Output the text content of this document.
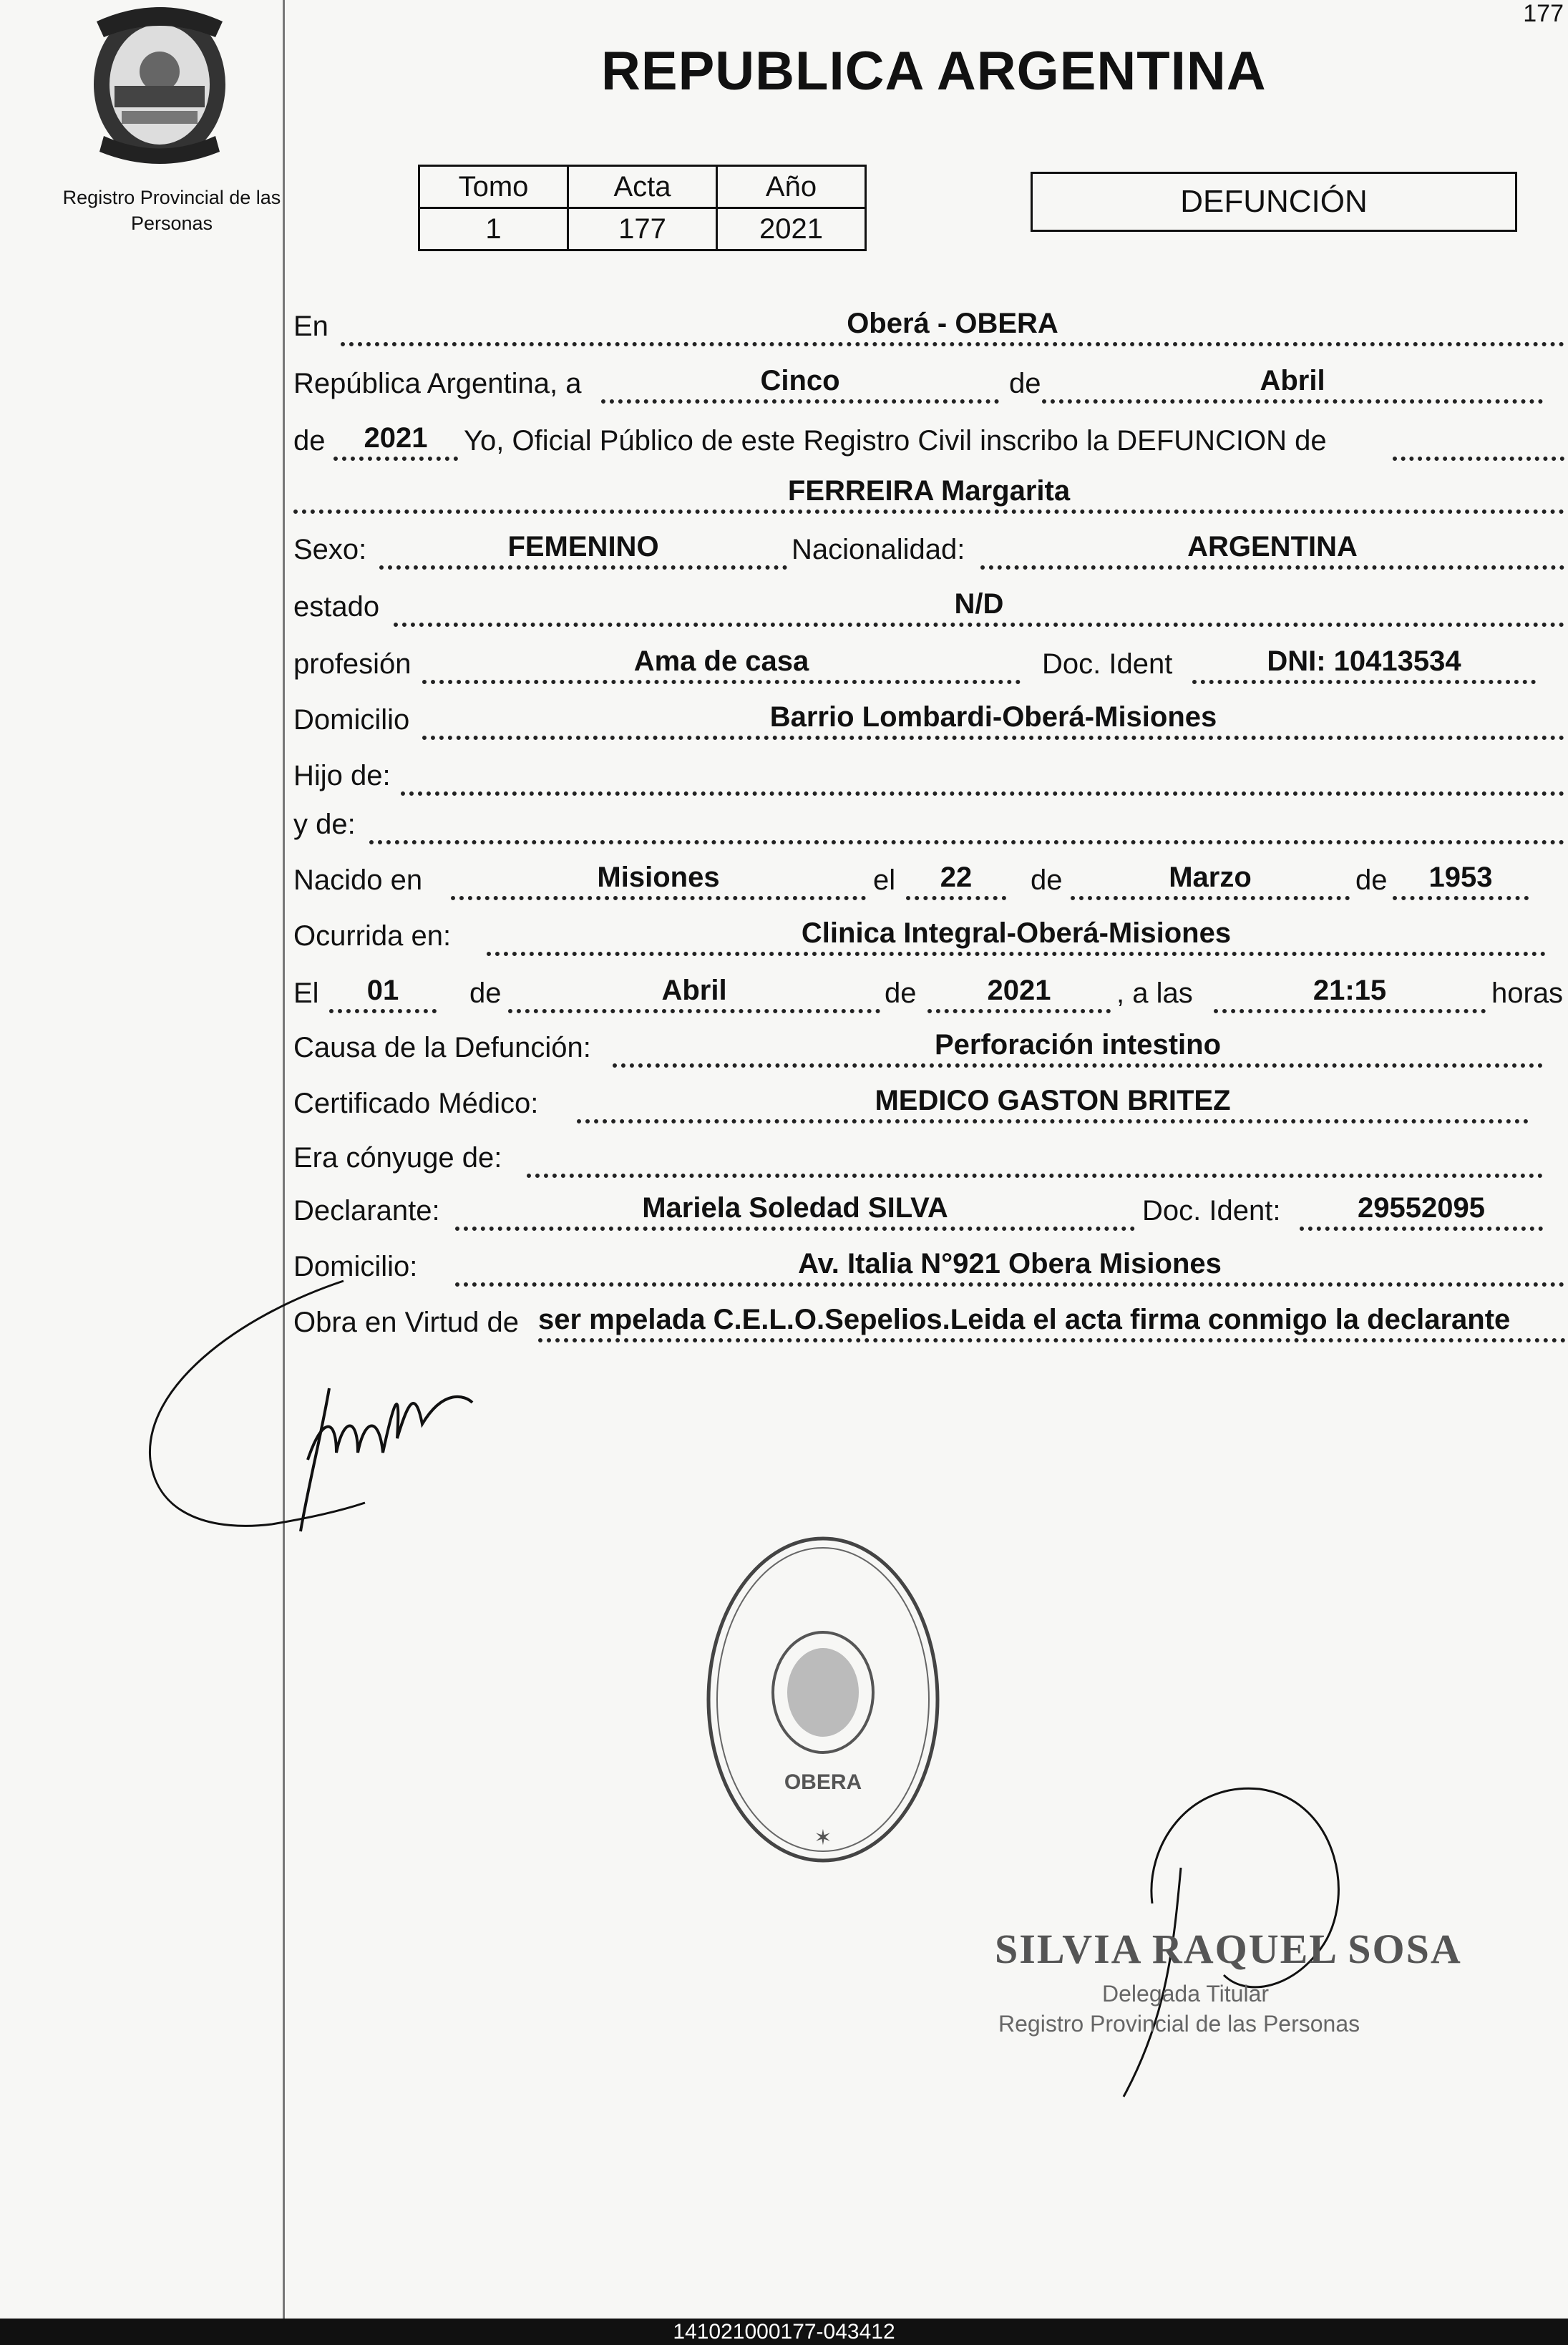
177
Registro Provincial de las Personas
REPUBLICA ARGENTINA
Tomo	Acta	Año
1	177	2021
DEFUNCIÓN
En	Oberá - OBERA
República Argentina, a	Cinco	de	Abril
de	2021	Yo, Oficial Público de este Registro Civil inscribo la DEFUNCION de
FERREIRA Margarita
Sexo:	FEMENINO	Nacionalidad:	ARGENTINA
estado	N/D
profesión	Ama de casa	Doc. Ident	DNI: 10413534
Domicilio	Barrio Lombardi-Oberá-Misiones
Hijo de:
y de:
Nacido en	Misiones	el	22	de	Marzo	de	1953
Ocurrida en:	Clinica Integral-Oberá-Misiones
El	01	de	Abril	de	2021	, a las	21:15	horas
Causa de la Defunción:	Perforación intestino
Certificado Médico:	MEDICO GASTON BRITEZ
Era cónyuge de:
Declarante:	Mariela Soledad SILVA	Doc. Ident:	29552095
Domicilio:	Av. Italia N°921 Obera Misiones
Obra en Virtud de ser mpelada C.E.L.O.Sepelios.Leida el acta firma conmigo la declarante
OBERA
✶
SILVIA RAQUEL SOSA
Delegada Titular
Registro Provincial de las Personas
141021000177-043412
